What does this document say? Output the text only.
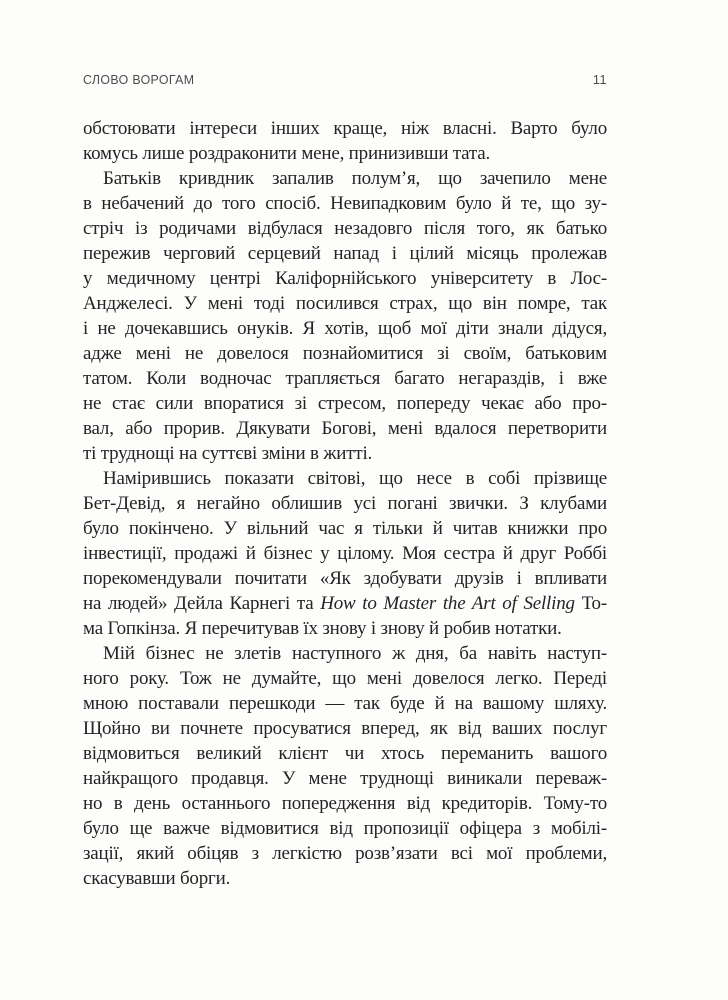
СЛОВО ВОРОГАМ	11
обстоювати інтереси інших краще, ніж власні. Варто було
комусь лише роздраконити мене, принизивши тата.
Батьків кривдник запалив полум’я, що зачепило мене
в небачений до того спосіб. Невипадковим було й те, що зу-
стріч із родичами відбулася незадовго після того, як батько
пережив черговий серцевий напад і цілий місяць пролежав
у медичному центрі Каліфорнійського університету в Лос-
Анджелесі. У мені тоді посилився страх, що він помре, так
і не дочекавшись онуків. Я хотів, щоб мої діти знали дідуся,
адже мені не довелося познайомитися зі своїм, батьковим
татом. Коли водночас трапляється багато негараздів, і вже
не стає сили впоратися зі стресом, попереду чекає або про-
вал, або прорив. Дякувати Богові, мені вдалося перетворити
ті труднощі на суттєві зміни в житті.
Намірившись показати світові, що несе в собі прізвище
Бет-Девід, я негайно облишив усі погані звички. З клубами
було покінчено. У вільний час я тільки й читав книжки про
інвестиції, продажі й бізнес у цілому. Моя сестра й друг Роббі
порекомендували почитати «Як здобувати друзів і впливати
на людей» Дейла Карнегі та How to Master the Art of Selling То-
ма Гопкінза. Я перечитував їх знову і знову й робив нотатки.
Мій бізнес не злетів наступного ж дня, ба навіть наступ-
ного року. Тож не думайте, що мені довелося легко. Переді
мною поставали перешкоди — так буде й на вашому шляху.
Щойно ви почнете просуватися вперед, як від ваших послуг
відмовиться великий клієнт чи хтось переманить вашого
найкращого продавця. У мене труднощі виникали переваж-
но в день останнього попередження від кредиторів. Тому-то
було ще важче відмовитися від пропозиції офіцера з мобілі-
зації, який обіцяв з легкістю розв’язати всі мої проблеми,
скасувавши борги.
